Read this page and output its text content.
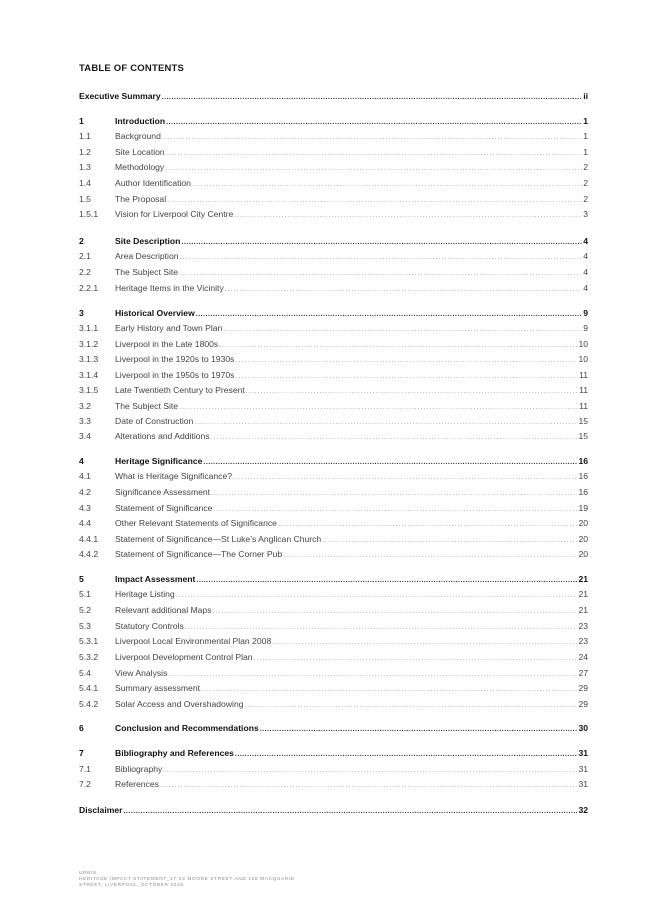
TABLE OF CONTENTS
Executive Summary .....	ii
1	Introduction .....	1
1.1	Background .....	1
1.2	Site Location .....	1
1.3	Methodology .....	2
1.4	Author Identification .....	2
1.5	The Proposal .....	2
1.5.1	Vision for Liverpool City Centre .....	3
2	Site Description .....	4
2.1	Area Description .....	4
2.2	The Subject Site .....	4
2.2.1	Heritage Items in the Vicinity .....	4
3	Historical Overview .....	9
3.1.1	Early History and Town Plan .....	9
3.1.2	Liverpool in the Late 1800s .....	10
3.1.3	Liverpool in the 1920s to 1930s .....	10
3.1.4	Liverpool in the 1950s to 1970s .....	11
3.1.5	Late Twentieth Century to Present .....	11
3.2	The Subject Site .....	11
3.3	Date of Construction .....	15
3.4	Alterations and Additions .....	15
4	Heritage Significance .....	16
4.1	What is Heritage Significance? .....	16
4.2	Significance Assessment .....	16
4.3	Statement of Significance .....	19
4.4	Other Relevant Statements of Significance .....	20
4.4.1	Statement of Significance—St Luke’s Anglican Church .....	20
4.4.2	Statement of Significance—The Corner Pub .....	20
5	Impact Assessment .....	21
5.1	Heritage Listing .....	21
5.2	Relevant additional Maps .....	21
5.3	Statutory Controls .....	23
5.3.1	Liverpool Local Environmental Plan 2008 .....	23
5.3.2	Liverpool Development Control Plan .....	24
5.4	View Analysis .....	27
5.4.1	Summary assessment .....	29
5.4.2	Solar Access and Overshadowing .....	29
6	Conclusion and Recommendations .....	30
7	Bibliography and References .....	31
7.1	Bibliography .....	31
7.2	References .....	31
Disclaimer .....	32
URBIS
HERITAGE IMPACT STATEMENT_17-23 MOORE STREET AND 108 MACQUARIE
STREET, LIVERPOOL_OCTOBER 2018
